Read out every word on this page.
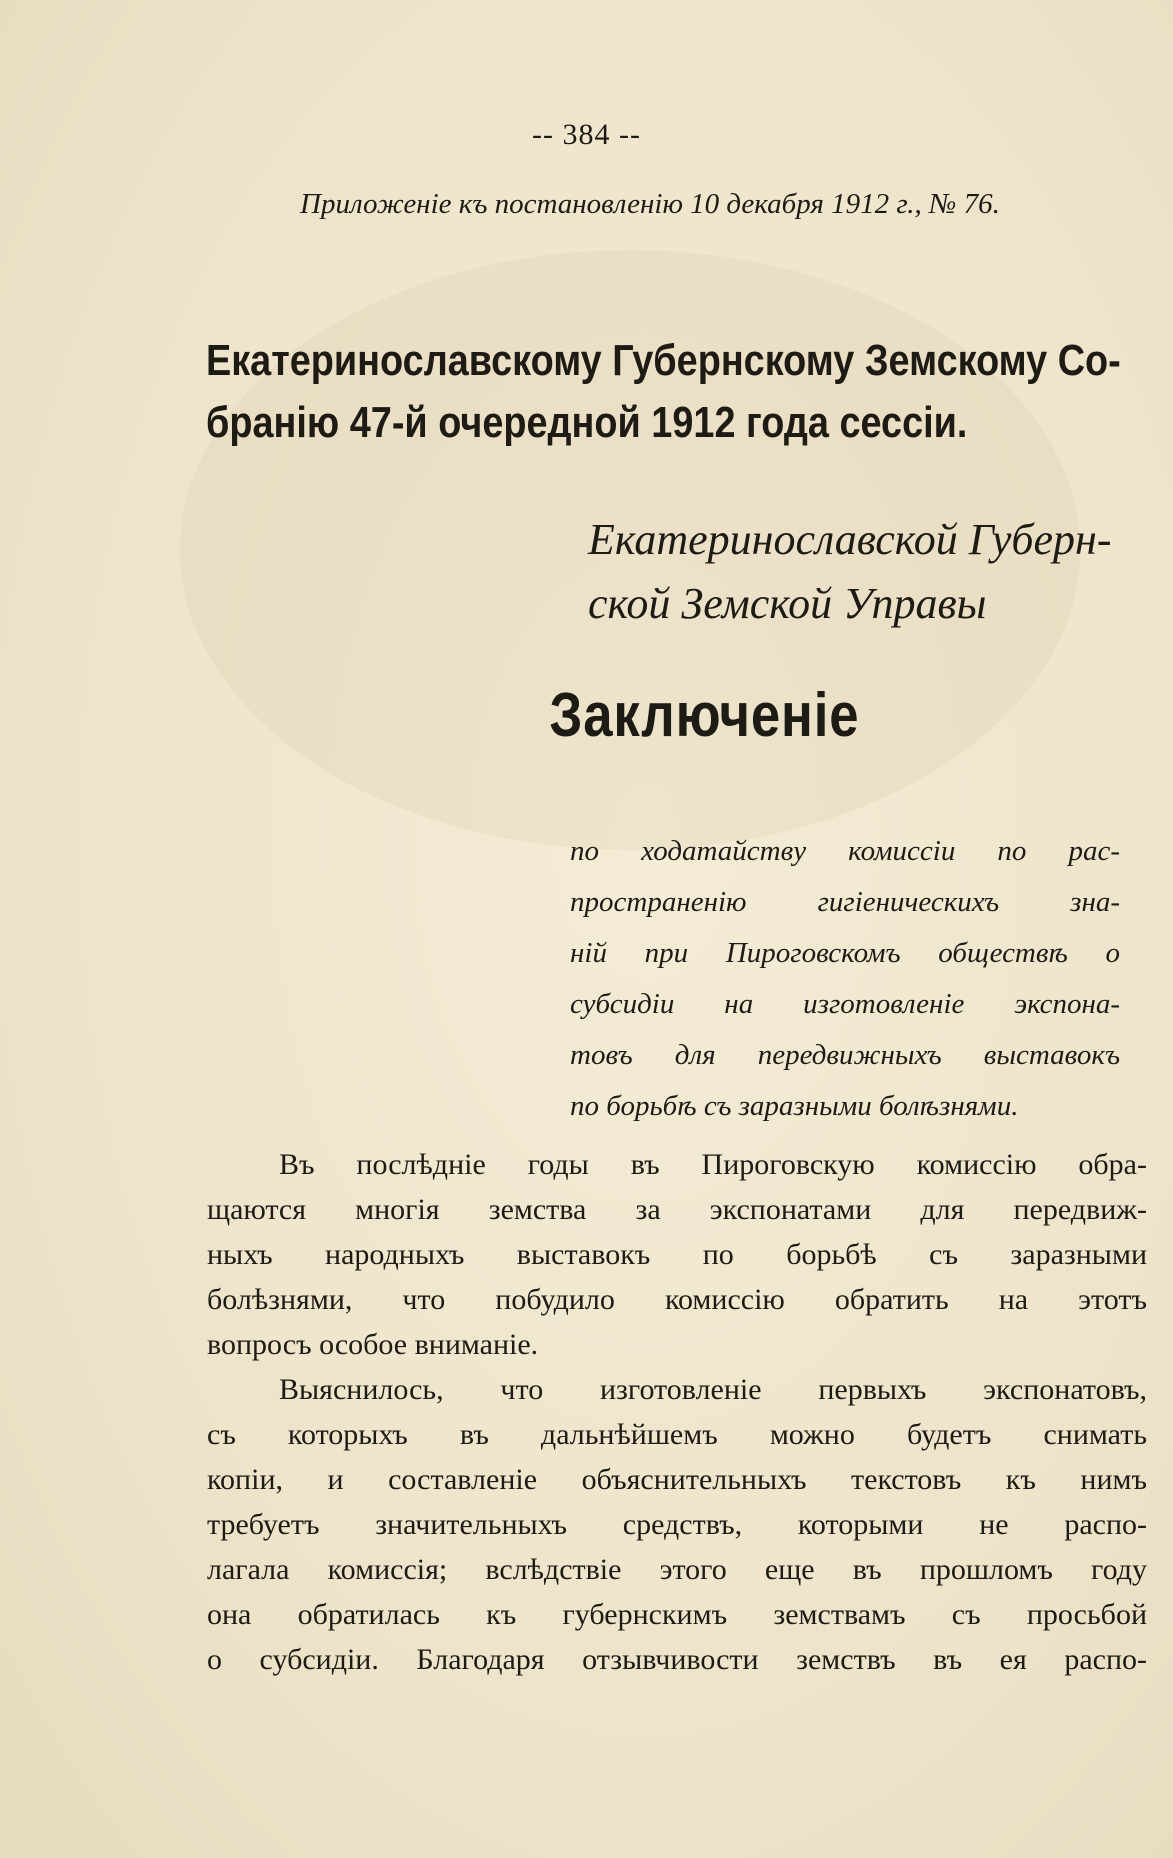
-- 384 --
Приложенiе къ постановленiю 10 декабря 1912 г., № 76.
Екатеринославскому Губернскому Земскому Со-
бранiю 47-й очередной 1912 года сессiи.
Екатеринославской Губерн-
ской Земской Управы
Заключенiе
по ходатайству комиссiи по рас-
пространенiю гигiеническихъ зна-
нiй при Пироговскомъ обществѣ о
субсидiи на изготовленiе экспона-
товъ для передвижныхъ выставокъ
по борьбѣ съ заразными болѣзнями.
Въ послѣднiе годы въ Пироговскую комиссiю обра-
щаются многiя земства за экспонатами для передвиж-
ныхъ народныхъ выставокъ по борьбѣ съ заразными
болѣзнями, что побудило комиссiю обратить на этотъ
вопросъ особое вниманiе.
Выяснилось, что изготовленiе первыхъ экспонатовъ,
съ которыхъ въ дальнѣйшемъ можно будетъ снимать
копiи, и составленiе объяснительныхъ текстовъ къ нимъ
требуетъ значительныхъ средствъ, которыми не распо-
лагала комиссiя; вслѣдствiе этого еще въ прошломъ году
она обратилась къ губернскимъ земствамъ съ просьбой
о субсидiи. Благодаря отзывчивости земствъ въ ея распо-
